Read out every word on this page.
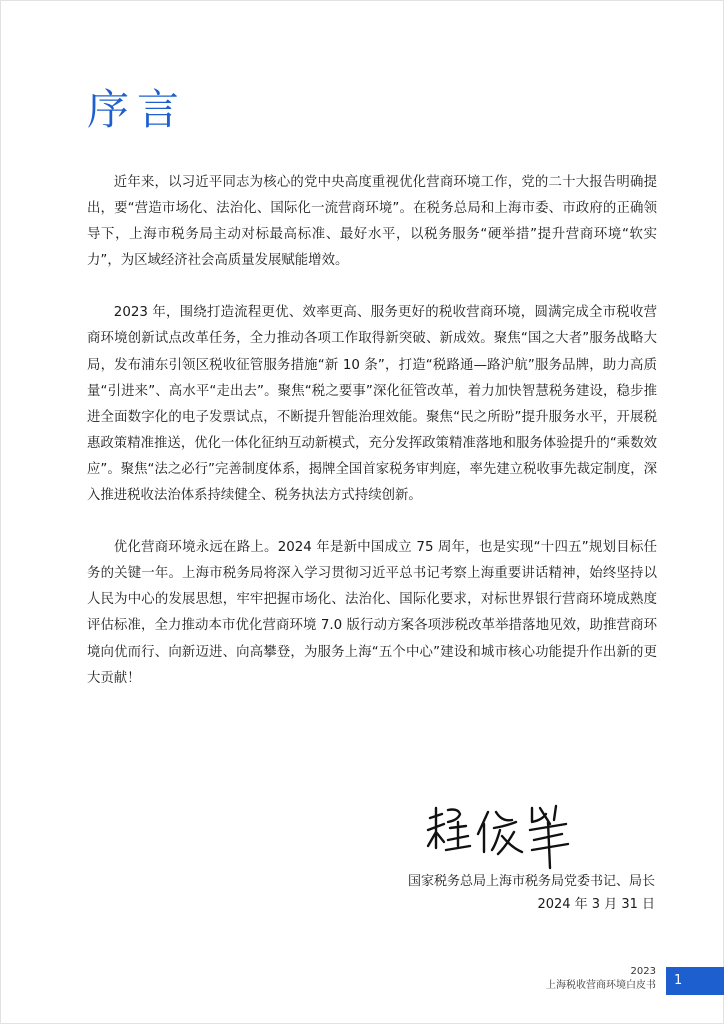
序言

近年来，以习近平同志为核心的党中央高度重视优化营商环境工作，党的二十大报告明确提出，要“营造市场化、法治化、国际化一流营商环境”。在税务总局和上海市委、市政府的正确领导下，上海市税务局主动对标最高标准、最好水平，以税务服务“硬举措”提升营商环境“软实力”，为区域经济社会高质量发展赋能增效。

2023 年，围绕打造流程更优、效率更高、服务更好的税收营商环境，圆满完成全市税收营商环境创新试点改革任务，全力推动各项工作取得新突破、新成效。聚焦“国之大者”服务战略大局，发布浦东引领区税收征管服务措施“新 10 条”，打造“税路通—路沪航”服务品牌，助力高质量“引进来”、高水平“走出去”。聚焦“税之要事”深化征管改革，着力加快智慧税务建设，稳步推进全面数字化的电子发票试点，不断提升智能治理效能。聚焦“民之所盼”提升服务水平，开展税惠政策精准推送，优化一体化征纳互动新模式，充分发挥政策精准落地和服务体验提升的“乘数效应”。聚焦“法之必行”完善制度体系，揭牌全国首家税务审判庭，率先建立税收事先裁定制度，深入推进税收法治体系持续健全、税务执法方式持续创新。

优化营商环境永远在路上。2024 年是新中国成立 75 周年，也是实现“十四五”规划目标任务的关键一年。上海市税务局将深入学习贯彻习近平总书记考察上海重要讲话精神，始终坚持以人民为中心的发展思想，牢牢把握市场化、法治化、国际化要求，对标世界银行营商环境成熟度评估标准，全力推动本市优化营商环境 7.0 版行动方案各项涉税改革举措落地见效，助推营商环境向优而行、向新迈进、向高攀登，为服务上海“五个中心”建设和城市核心功能提升作出新的更大贡献！

国家税务总局上海市税务局党委书记、局长

2024 年 3 月 31 日

2023
上海税收营商环境白皮书	1
